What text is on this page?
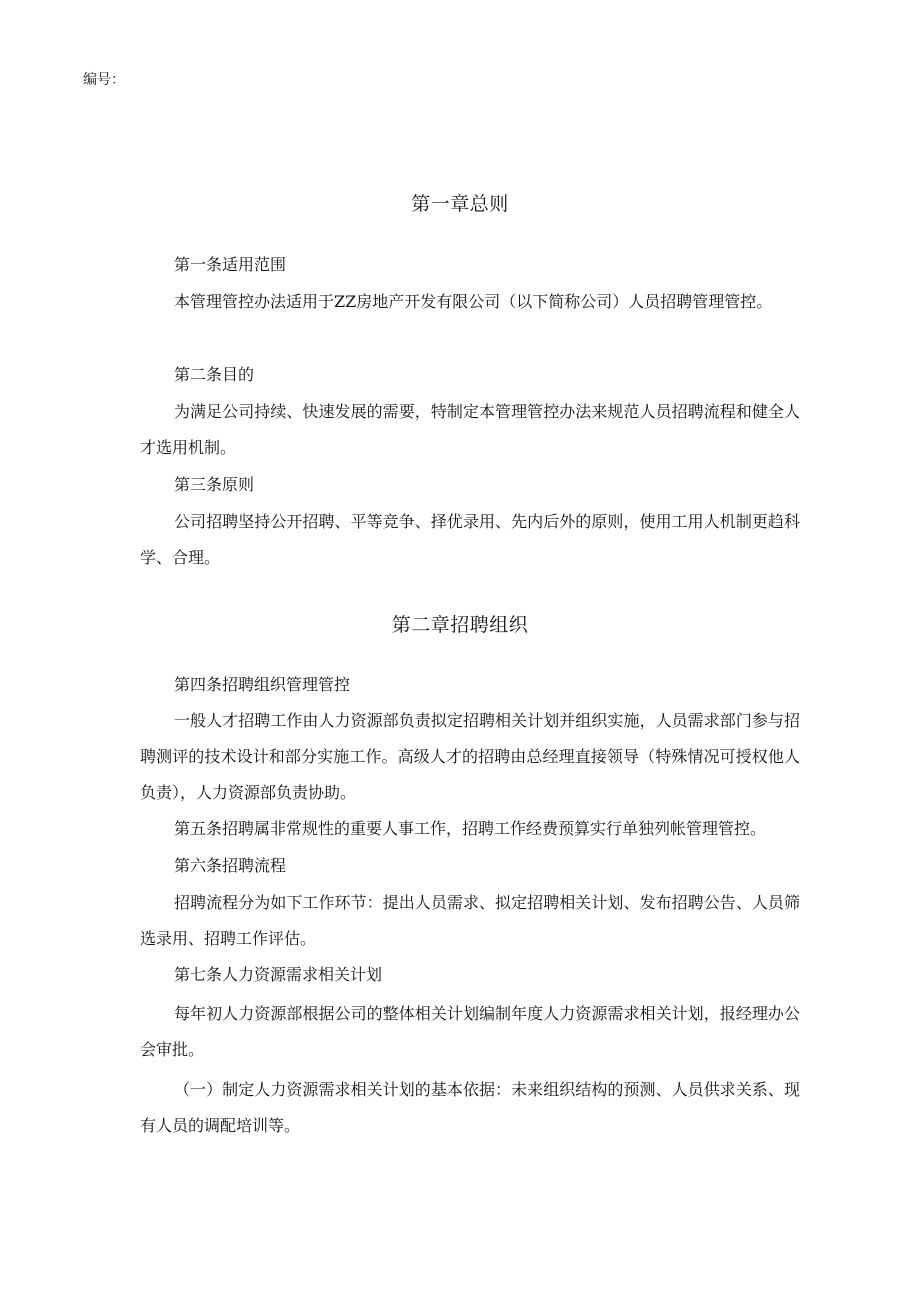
编号：
第一章总则
第一条适用范围
本管理管控办法适用于ZZ房地产开发有限公司（以下简称公司）人员招聘管理管控。
第二条目的
为满足公司持续、快速发展的需要，特制定本管理管控办法来规范人员招聘流程和健全人才选用机制。
第三条原则
公司招聘坚持公开招聘、平等竞争、择优录用、先内后外的原则，使用工用人机制更趋科学、合理。
第二章招聘组织
第四条招聘组织管理管控
一般人才招聘工作由人力资源部负责拟定招聘相关计划并组织实施，人员需求部门参与招聘测评的技术设计和部分实施工作。高级人才的招聘由总经理直接领导（特殊情况可授权他人负责），人力资源部负责协助。
第五条招聘属非常规性的重要人事工作，招聘工作经费预算实行单独列帐管理管控。
第六条招聘流程
招聘流程分为如下工作环节：提出人员需求、拟定招聘相关计划、发布招聘公告、人员筛选录用、招聘工作评估。
第七条人力资源需求相关计划
每年初人力资源部根据公司的整体相关计划编制年度人力资源需求相关计划，报经理办公会审批。
（一）制定人力资源需求相关计划的基本依据：未来组织结构的预测、人员供求关系、现有人员的调配培训等。
